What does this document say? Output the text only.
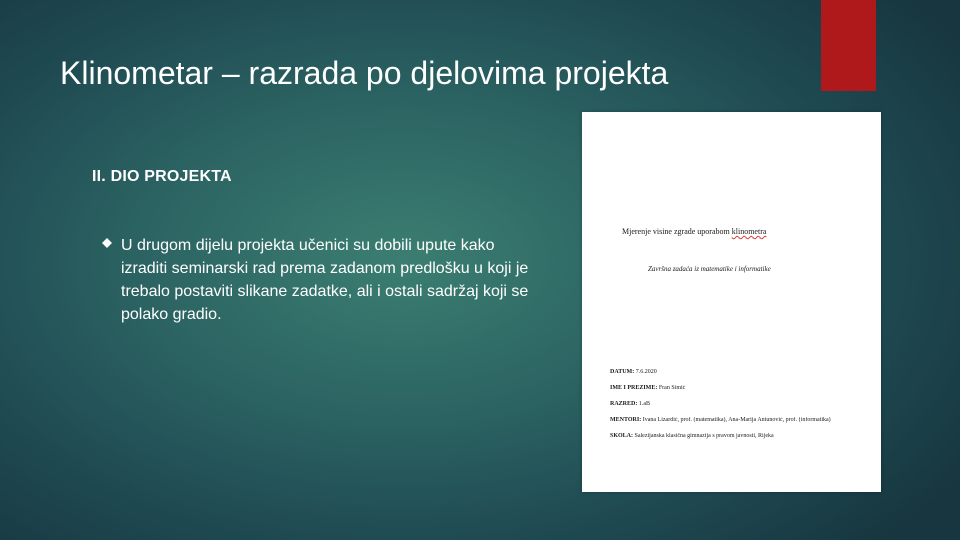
Klinometar – razrada po djelovima projekta
II. DIO PROJEKTA
U drugom dijelu projekta učenici su dobili upute kako izraditi seminarski rad prema zadanom predlošku u koji je trebalo postaviti slikane zadatke, ali i ostali sadržaj koji se polako gradio.
Mjerenje visine zgrade uporabom klinometra
Završna zadaća iz matematike i informatike
DATUM: 7.6.2020
IME I PREZIME: Fran Šimić
RAZRED: 1.aB
MENTORI: Ivana Lizardić, prof. (matematika), Ana-Marija Antunović, prof. (informatika)
ŠKOLA: Salezijanska klasična gimnazija s pravom javnosti, Rijeka
